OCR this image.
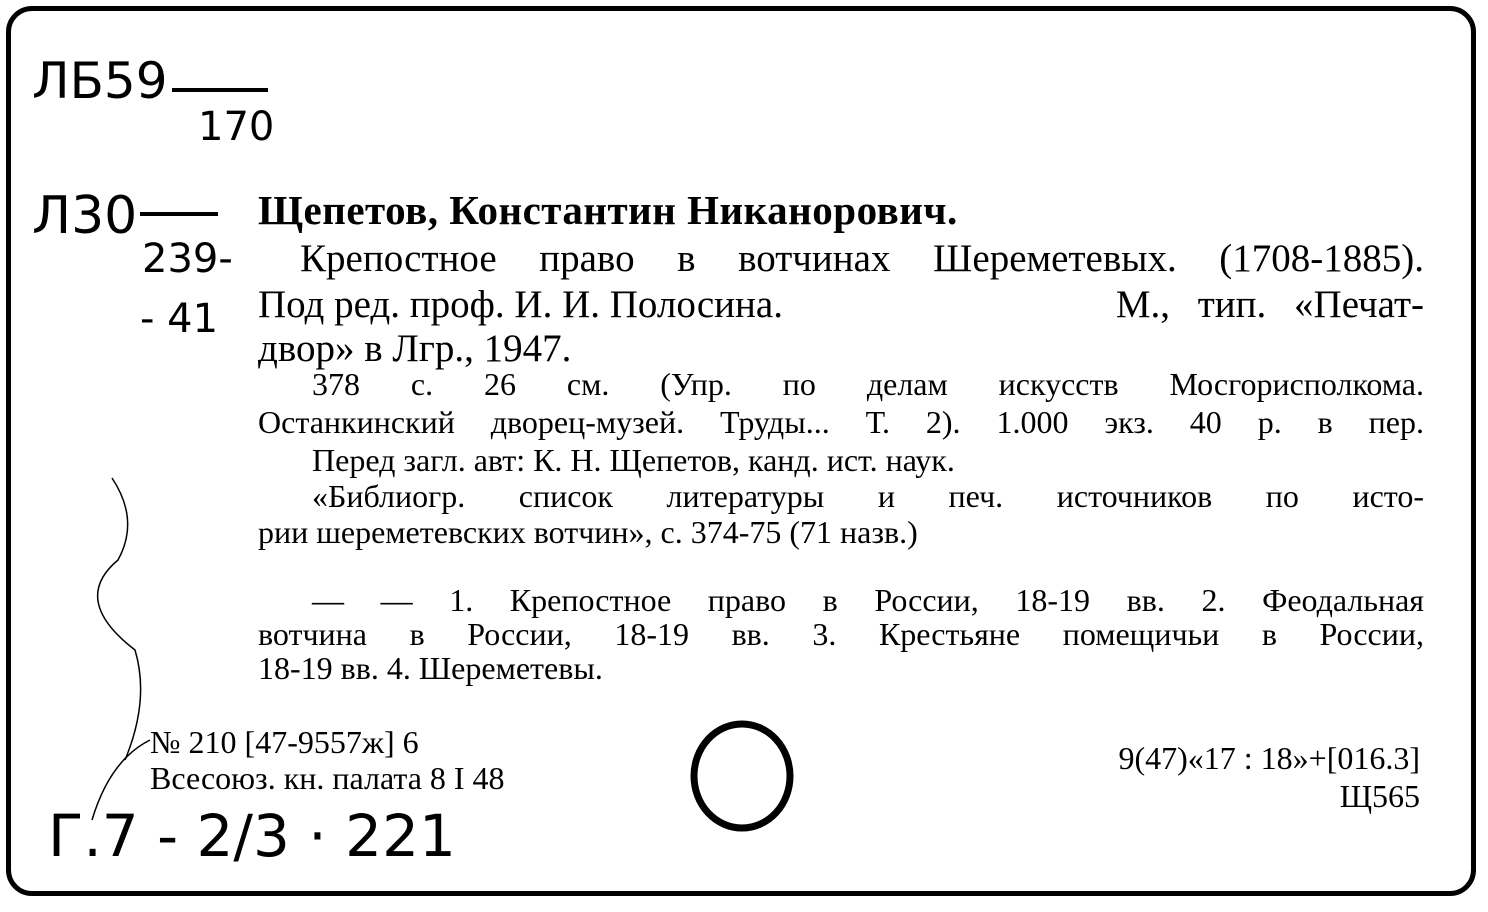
ЛБ59
170
Л30
239-
- 41
Г.7 - 2/3 · 221
Щепетов, Константин Никанорович.
Крепостное право в вотчинах Шереметевых. (1708-1885).
Под ред. проф. И. И. Полосина.	М., тип. «Печат-
двор» в Лгр., 1947.
378 с. 26 см. (Упр. по делам искусств Мосгорисполкома.
Останкинский дворец-музей. Труды... Т. 2). 1.000 экз. 40 р. в пер.
Перед загл. авт: К. Н. Щепетов, канд. ист. наук.
«Библиогр. список литературы и печ. источников по исто-
рии шереметевских вотчин», с. 374-75 (71 назв.)
— — 1. Крепостное право в России, 18-19 вв. 2. Феодальная
вотчина в России, 18-19 вв. 3. Крестьяне помещичьи в России,
18-19 вв. 4. Шереметевы.
№ 210 [47-9557ж] 6
Всесоюз. кн. палата 8 I 48
9(47)«17 : 18»+[016.3]
Щ565
